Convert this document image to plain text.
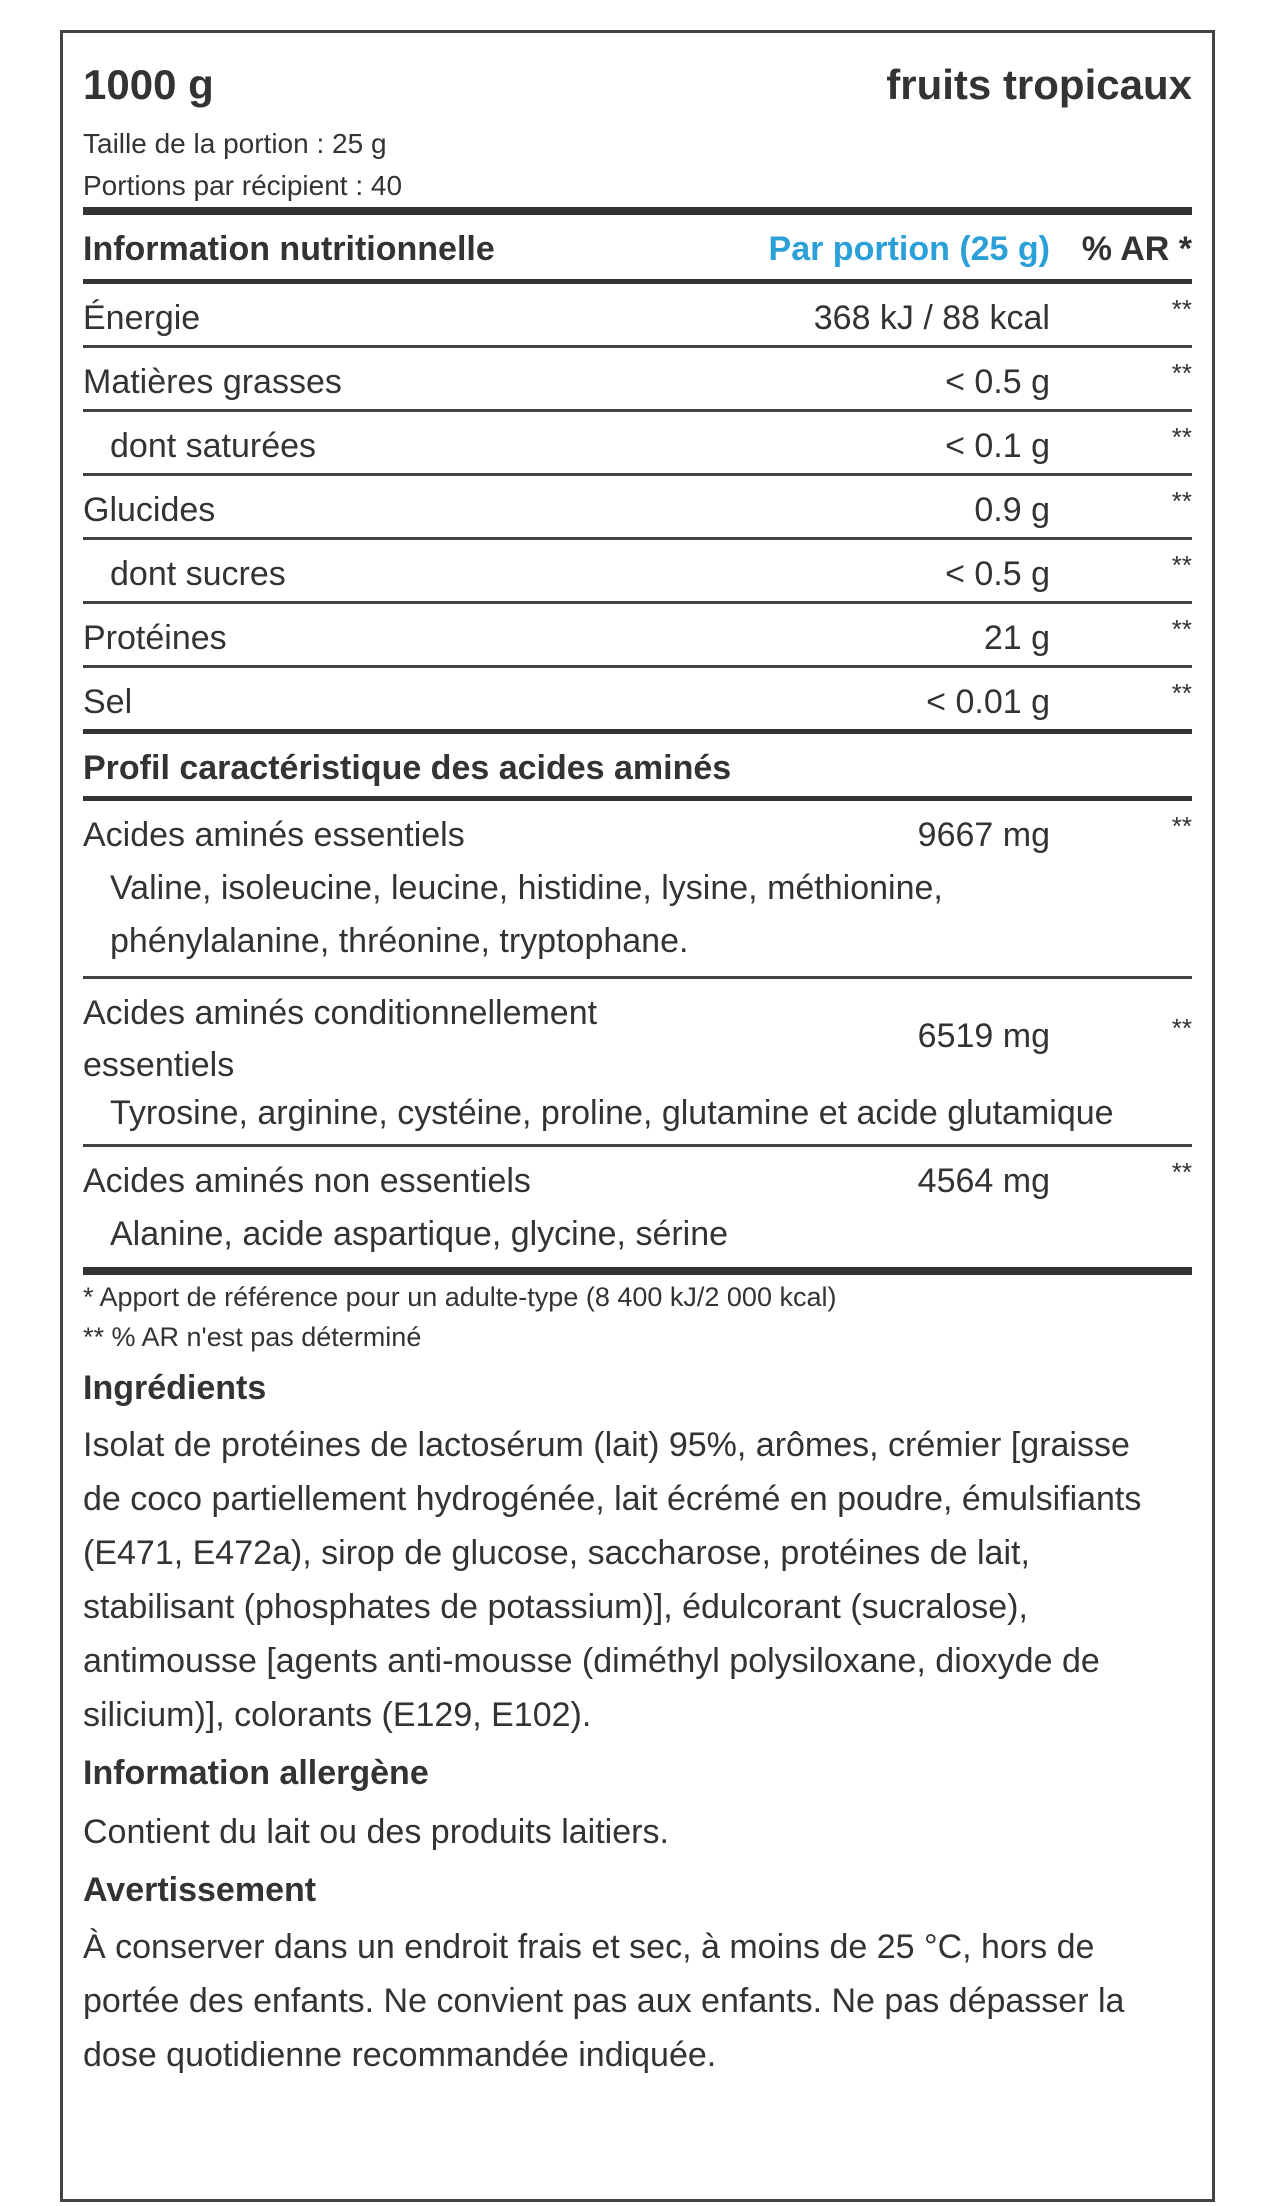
1000 g	fruits tropicaux
Taille de la portion : 25 g
Portions par récipient : 40
Information nutritionnelle	Par portion (25 g) % AR *
Énergie	368 kJ / 88 kcal	**
Matières grasses	< 0.5 g	**
dont saturées	< 0.1 g	**
Glucides	0.9 g	**
dont sucres	< 0.5 g	**
Protéines	21 g	**
Sel	< 0.01 g	**
Profil caractéristique des acides aminés
Acides aminés essentiels	9667 mg	**
Valine, isoleucine, leucine, histidine, lysine, méthionine,
phénylalanine, thréonine, tryptophane.
Acides aminés conditionnellement
essentiels
6519 mg	**
Tyrosine, arginine, cystéine, proline, glutamine et acide glutamique
Acides aminés non essentiels	4564 mg	**
Alanine, acide aspartique, glycine, sérine
* Apport de référence pour un adulte-type (8 400 kJ/2 000 kcal)
** % AR n'est pas déterminé
Ingrédients
Isolat de protéines de lactosérum (lait) 95%, arômes, crémier [graisse
de coco partiellement hydrogénée, lait écrémé en poudre, émulsifiants
(E471, E472a), sirop de glucose, saccharose, protéines de lait,
stabilisant (phosphates de potassium)], édulcorant (sucralose),
antimousse [agents anti-mousse (diméthyl polysiloxane, dioxyde de
silicium)], colorants (E129, E102).
Information allergène
Contient du lait ou des produits laitiers.
Avertissement
À conserver dans un endroit frais et sec, à moins de 25 °C, hors de
portée des enfants. Ne convient pas aux enfants. Ne pas dépasser la
dose quotidienne recommandée indiquée.
